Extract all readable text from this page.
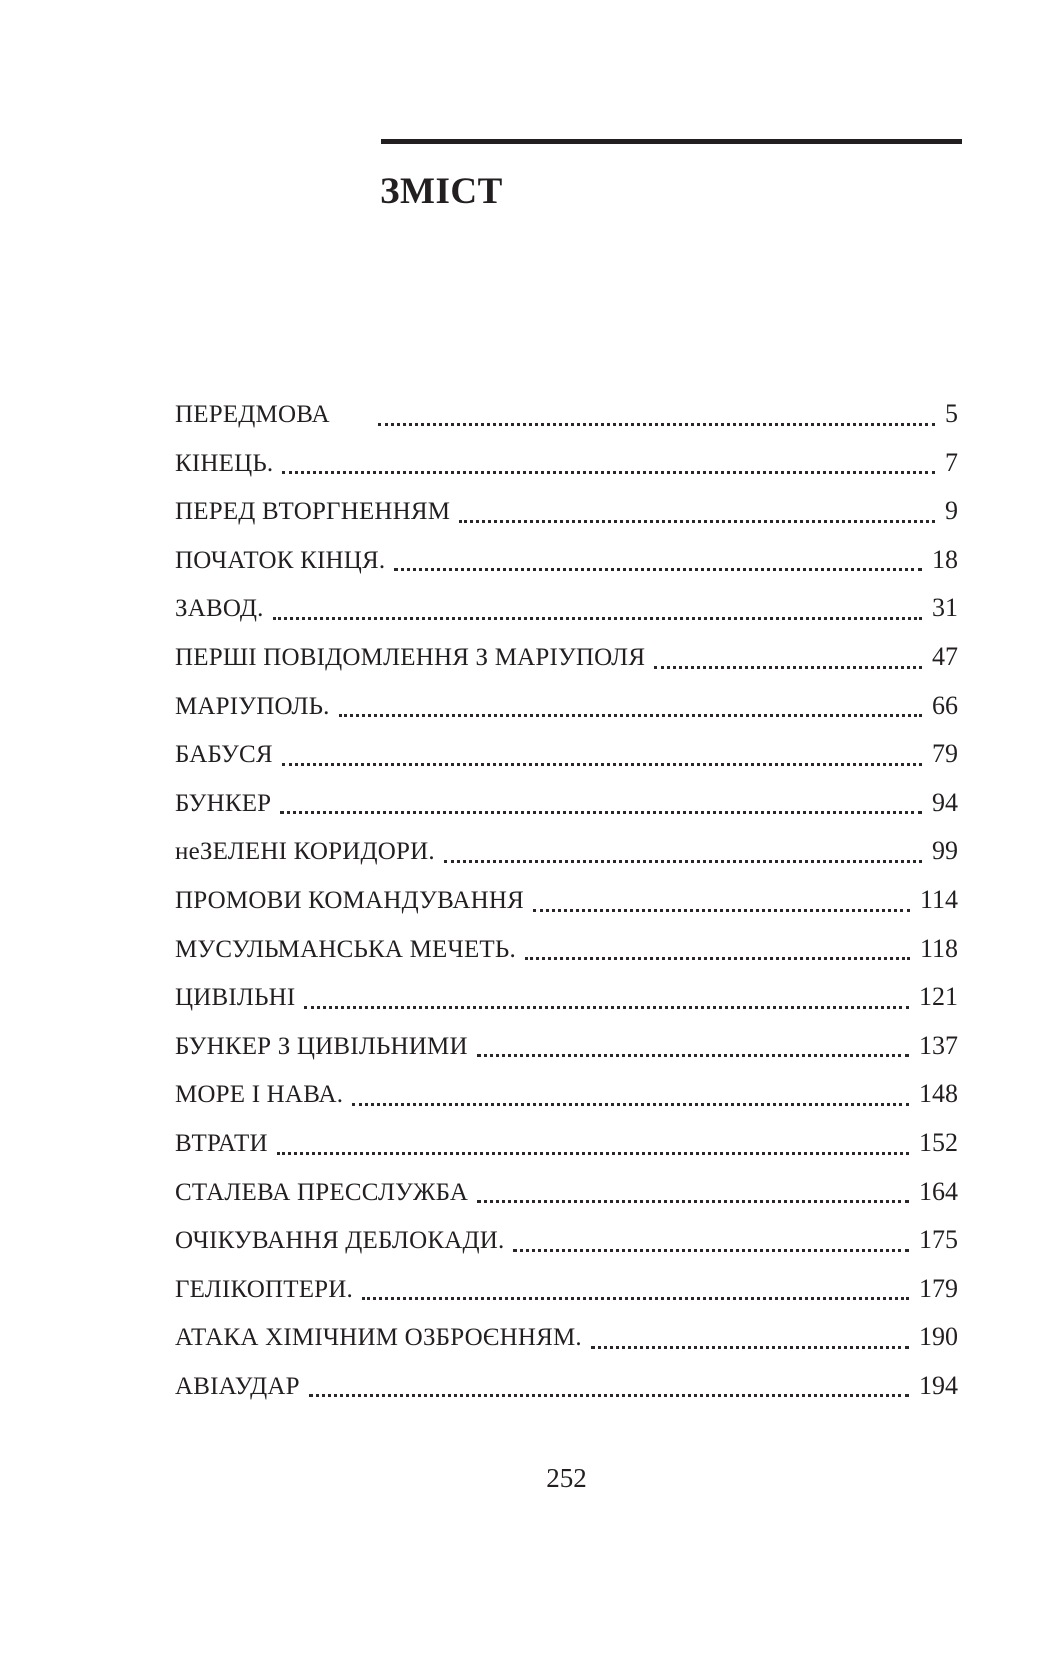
ЗМІСТ
ПЕРЕДМОВА	5
КІНЕЦЬ.	7
ПЕРЕД ВТОРГНЕННЯМ	9
ПОЧАТОК КІНЦЯ.	18
ЗАВОД.	31
ПЕРШІ ПОВІДОМЛЕННЯ З МАРІУПОЛЯ	47
МАРІУПОЛЬ.	66
БАБУСЯ	79
БУНКЕР	94
неЗЕЛЕНІ КОРИДОРИ.	99
ПРОМОВИ КОМАНДУВАННЯ	114
МУСУЛЬМАНСЬКА МЕЧЕТЬ.	118
ЦИВІЛЬНІ	121
БУНКЕР З ЦИВІЛЬНИМИ	137
МОРЕ І НАВА.	148
ВТРАТИ	152
СТАЛЕВА ПРЕССЛУЖБА	164
ОЧІКУВАННЯ ДЕБЛОКАДИ.	175
ГЕЛІКОПТЕРИ.	179
АТАКА ХІМІЧНИМ ОЗБРОЄННЯМ.	190
АВІАУДАР	194
252
